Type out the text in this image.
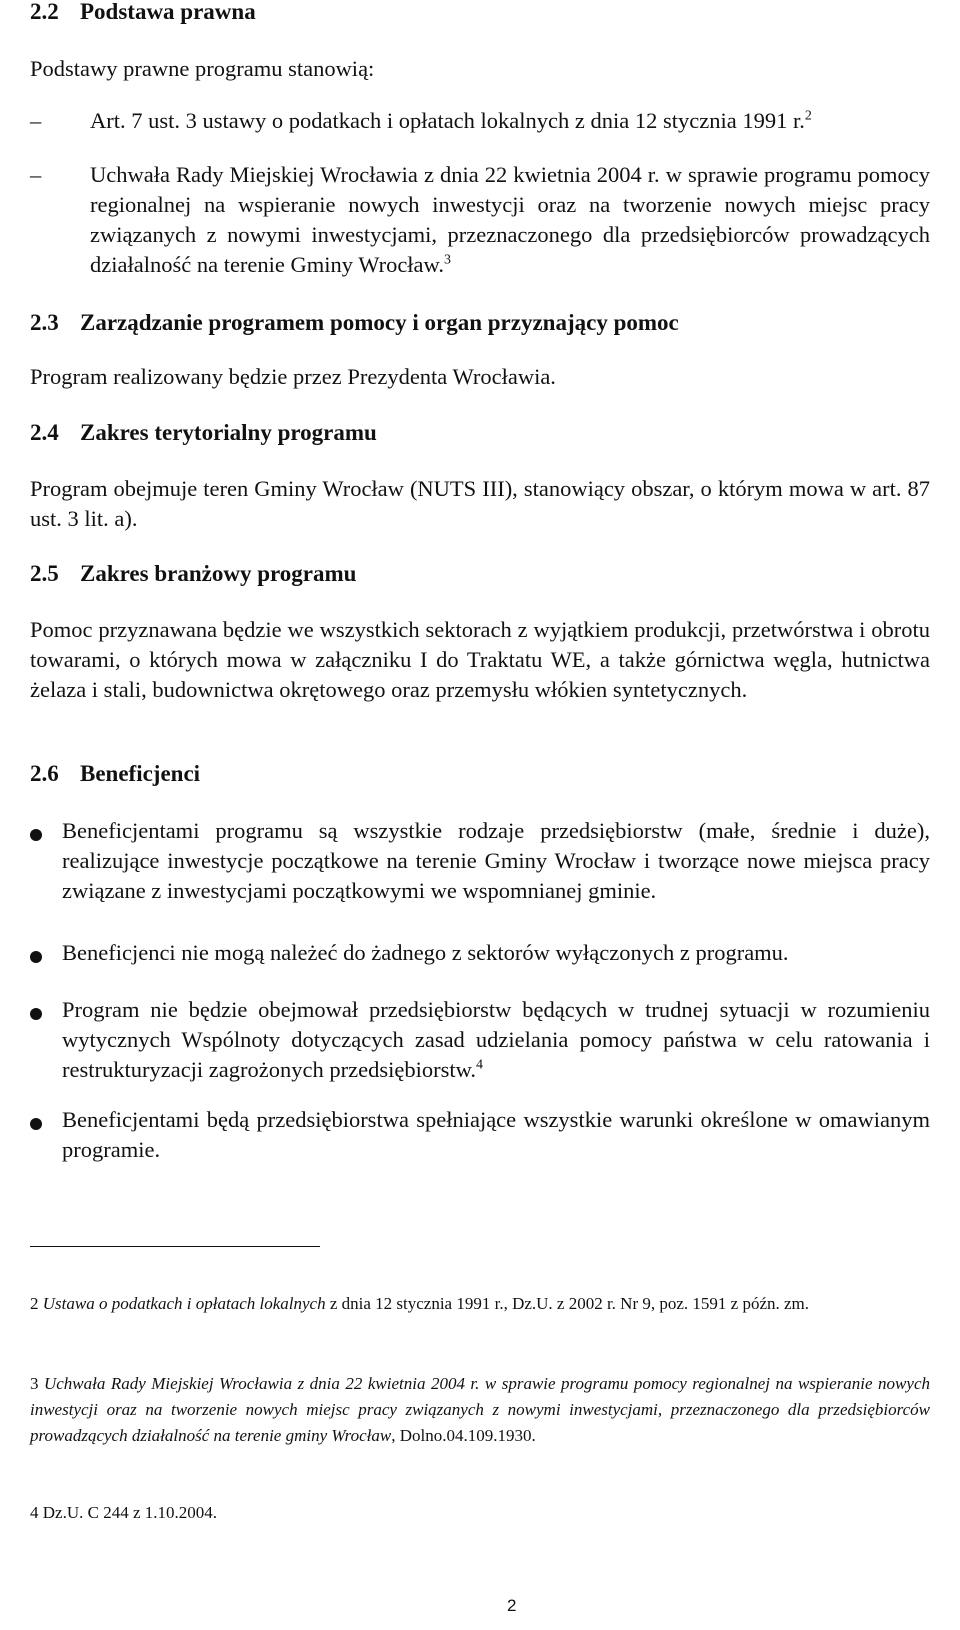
2.2 Podstawa prawna
Podstawy prawne programu stanowią:
– Art. 7 ust. 3 ustawy o podatkach i opłatach lokalnych z dnia 12 stycznia 1991 r.$^2$
– Uchwała Rady Miejskiej Wrocławia z dnia 22 kwietnia 2004 r. w sprawie programu pomocy regionalnej na wspieranie nowych inwestycji oraz na tworzenie nowych miejsc pracy związanych z nowymi inwestycjami, przeznaczonego dla przedsiębiorców prowadzących działalność na terenie Gminy Wrocław.$^3$
2.3 Zarządzanie programem pomocy i organ przyznający pomoc
Program realizowany będzie przez Prezydenta Wrocławia.
2.4 Zakres terytorialny programu
Program obejmuje teren Gminy Wrocław (NUTS III), stanowiący obszar, o którym mowa w art. 87 ust. 3 lit. a).
2.5 Zakres branżowy programu
Pomoc przyznawana będzie we wszystkich sektorach z wyjątkiem produkcji, przetwórstwa i obrotu towarami, o których mowa w załączniku I do Traktatu WE, a także górnictwa węgla, hutnictwa żelaza i stali, budownictwa okrętowego oraz przemysłu włókien syntetycznych.
2.6 Beneficjenci
Beneficjentami programu są wszystkie rodzaje przedsiębiorstw (małe, średnie i duże), realizujące inwestycje początkowe na terenie Gminy Wrocław i tworzące nowe miejsca pracy związane z inwestycjami początkowymi we wspomnianej gminie.
Beneficjenci nie mogą należeć do żadnego z sektorów wyłączonych z programu.
Program nie będzie obejmował przedsiębiorstw będących w trudnej sytuacji w rozumieniu wytycznych Wspólnoty dotyczących zasad udzielania pomocy państwa w celu ratowania i restrukturyzacji zagrożonych przedsiębiorstw.$^4$
Beneficjentami będą przedsiębiorstwa spełniające wszystkie warunki określone w omawianym programie.
2 Ustawa o podatkach i opłatach lokalnych z dnia 12 stycznia 1991 r., Dz.U. z 2002 r. Nr 9, poz. 1591 z późn. zm.
3 Uchwała Rady Miejskiej Wrocławia z dnia 22 kwietnia 2004 r. w sprawie programu pomocy regionalnej na wspieranie nowych inwestycji oraz na tworzenie nowych miejsc pracy związanych z nowymi inwestycjami, przeznaczonego dla przedsiębiorców prowadzących działalność na terenie gminy Wrocław, Dolno.04.109.1930.
4 Dz.U. C 244 z 1.10.2004.
2
